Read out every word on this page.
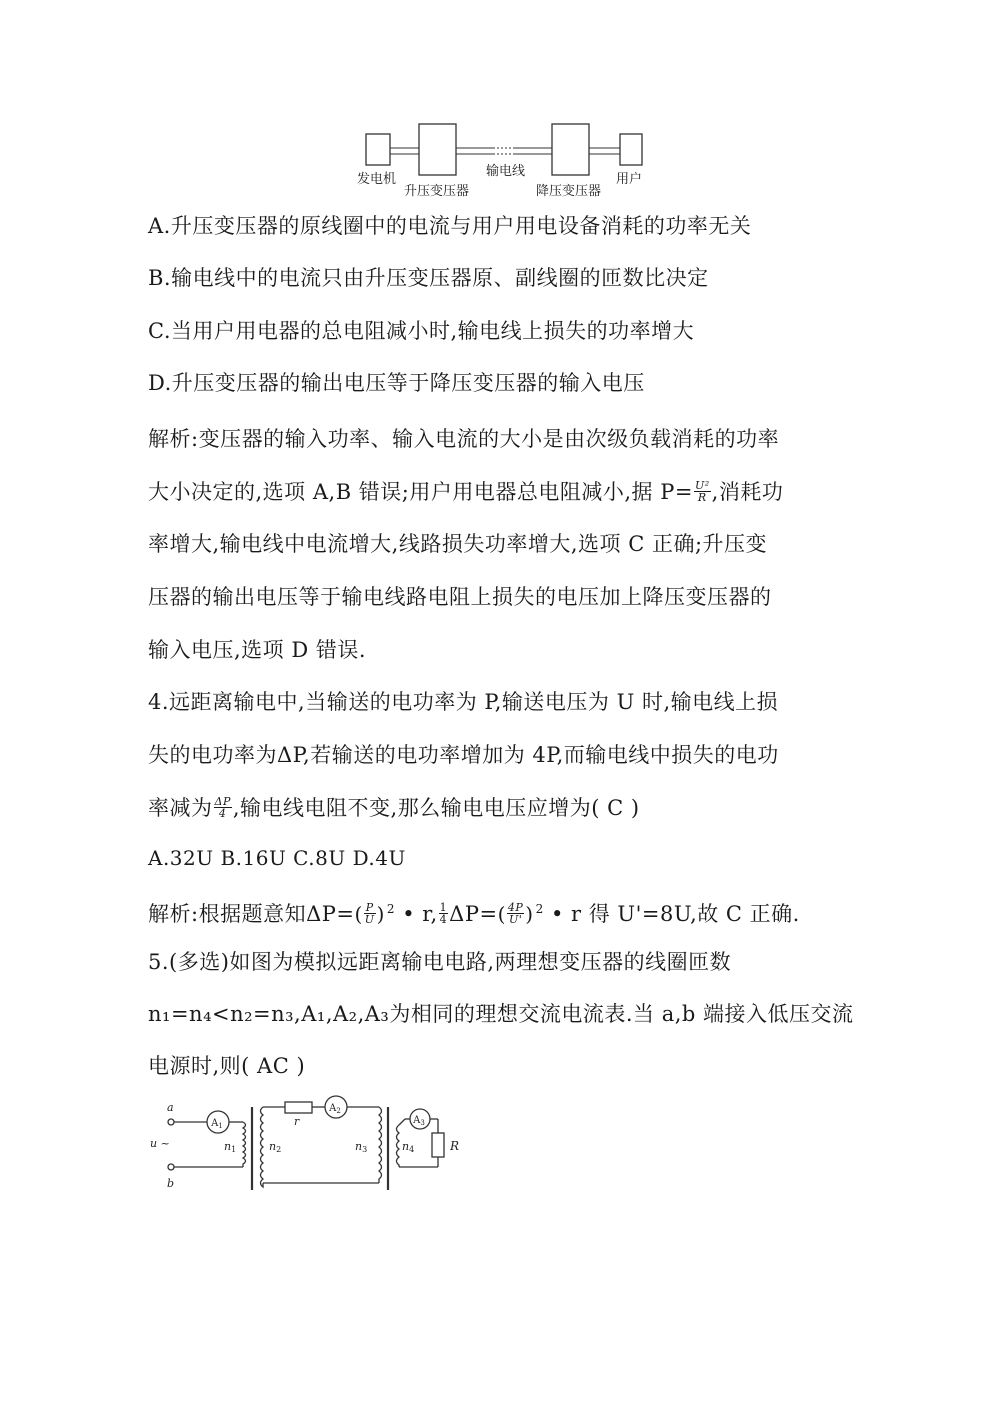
发电机
升压变压器
输电线
降压变压器
用户
A.升压变压器的原线圈中的电流与用户用电设备消耗的功率无关
B.输电线中的电流只由升压变压器原、副线圈的匝数比决定
C.当用户用电器的总电阻减小时,输电线上损失的功率增大
D.升压变压器的输出电压等于降压变压器的输入电压
解析:变压器的输入功率、输入电流的大小是由次级负载消耗的功率
大小决定的,选项 A,B 错误;用户用电器总电阻减小,据 $P= \frac{\text{U²}}{R}$ ,消耗功
率增大,输电线中电流增大,线路损失功率增大,选项 C 正确;升压变
压器的输出电压等于输电线路电阻上损失的电压加上降压变压器的
输入电压,选项 D 错误.
4.远距离输电中,当输送的电功率为 P,输送电压为 U 时,输电线上损
失的电功率为ΔP,若输送的电功率增加为 4P,而输电线中损失的电功
率减为 $\frac{\Delta P}{4}$ ,输电线电阻不变,那么输电电压应增为( C )
A.32U B.16U C.8U D.4U
解析:根据题意知$\Delta P=( \frac{P}{U}$ ) $^2$ • r, $\frac{1}{4} \Delta P=( \frac{4P}{U'}$ ) $^2$ • r 得 U'=8U,故 C 正确.
5.(多选)如图为模拟远距离输电电路,两理想变压器的线圈匝数
n₁=n₄<n₂=n₃,A₁,A₂,A₃为相同的理想交流电流表.当 a,b 端接入低压交流
电源时,则( AC )
a
b
u ~	n1	n2	n3	n4
r
R
$A_1$
$A_2$
$A_3$
